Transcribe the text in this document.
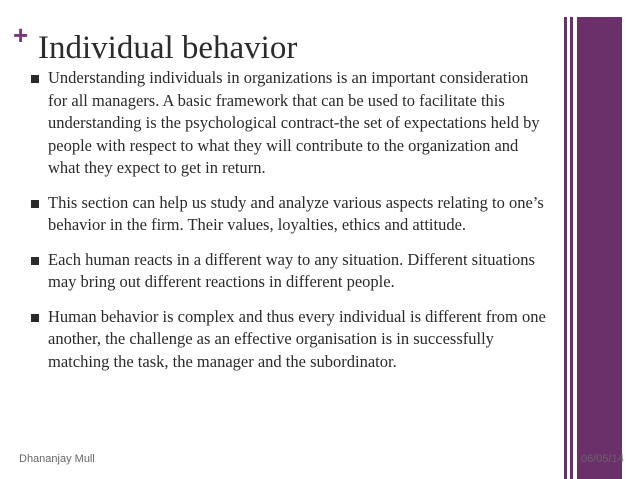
+ Individual behavior
Understanding individuals in organizations is an important consideration for all managers. A basic framework that can be used to facilitate this understanding is the psychological contract-the set of expectations held by people with respect to what they will contribute to the organization and what they expect to get in return.
This section can help us study and analyze various aspects relating to one’s behavior in the firm. Their values, loyalties, ethics and attitude.
Each human reacts in a different way to any situation. Different situations may bring out different reactions in different people.
Human behavior is complex and thus every individual is different from one another, the challenge as an effective organisation is in successfully matching the task, the manager and the subordinator.
Dhananjay Mull	06/05/14
